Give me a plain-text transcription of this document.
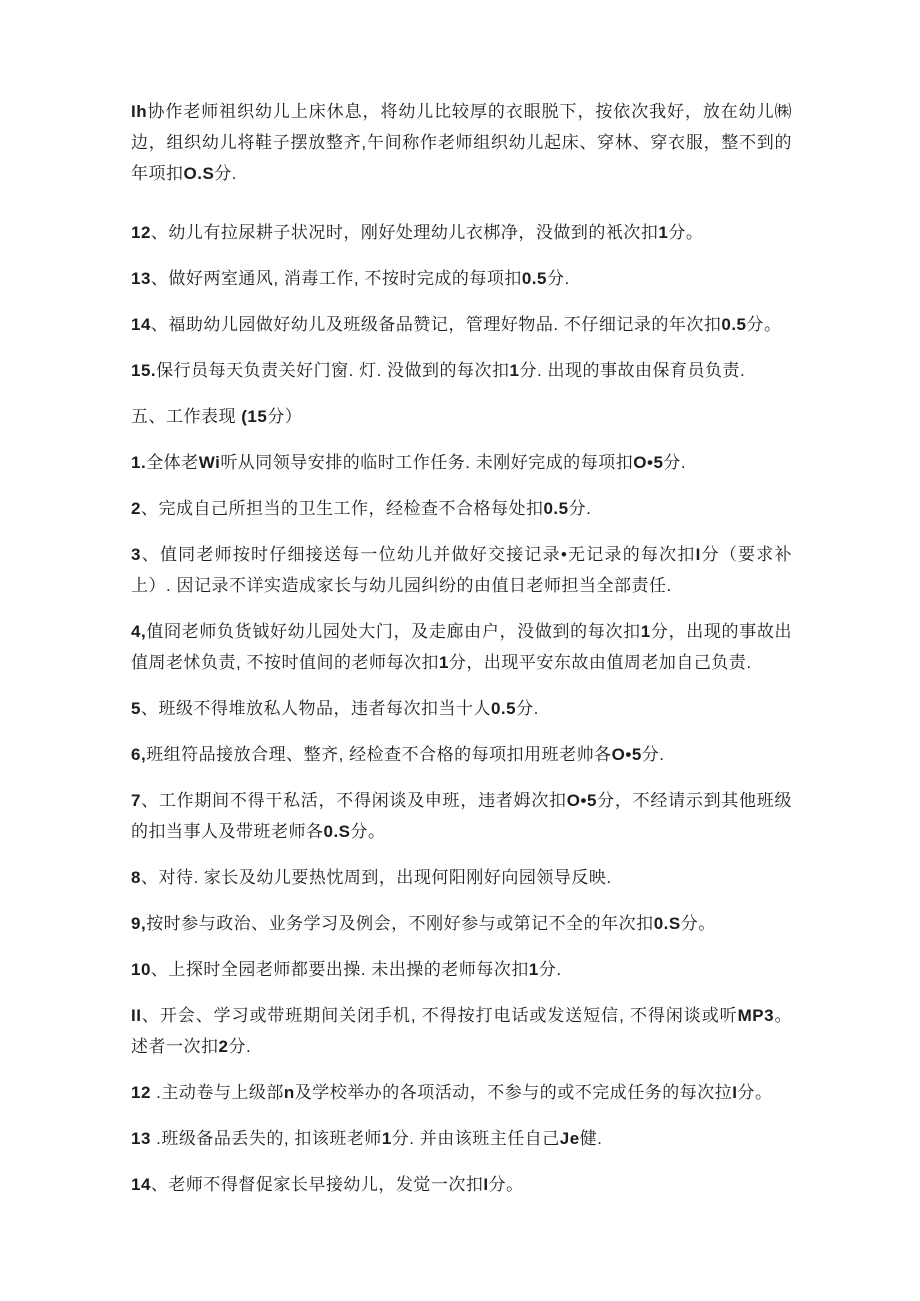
Ih协作老师祖织幼儿上床休息，将幼儿比较厚的衣眼脱下，按依次我好，放在幼儿㈱边，组织幼儿将鞋子摆放整齐,午间称作老师组织幼儿起床、穿林、穿衣服，整不到的年项扣O.S分.

12、幼儿有拉尿耕子状况时，刚好处理幼儿衣梆净，没做到的衹次扣1分。

13、做好两室通风, 消毒工作, 不按时完成的每项扣0.5分.

14、福助幼儿园做好幼儿及班级备品赞记，管理好物品. 不仔细记录的年次扣0.5分。

15.保行员每天负责关好门窗. 灯. 没做到的每次扣1分. 出现的事故由保育员负责.

五、工作表现 (15分）

1.全体老Wi听从同领导安排的临时工作任务. 未刚好完成的每项扣O•5分.

2、完成自己所担当的卫生工作，经检查不合格每处扣0.5分.

3、值同老师按时仔细接送每一位幼儿并做好交接记录•无记录的每次扣I分（要求补上）. 因记录不详实造成家长与幼儿园纠纷的由值日老师担当全部责任.

4,值冏老师负货钺好幼儿园处大门，及走廊由户，没做到的每次扣1分，出现的事故出值周老怵负责, 不按时值间的老师每次扣1分，出现平安东故由值周老加自己负责.

5、班级不得堆放私人物品，违者每次扣当十人0.5分.

6,班组符品接放合理、整齐, 经检查不合格的每项扣用班老帅各O•5分.

7、工作期间不得干私活，不得闲谈及申班，违者姆次扣O•5分，不经请示到其他班级的扣当事人及带班老师各0.S分。

8、对待. 家长及幼儿要热忱周到，出现何阳刚好向园领导反映.

9,按时参与政治、业务学习及例会，不刚好参与或第记不全的年次扣0.S分。

10、上探时全园老师都要出操. 未出操的老师每次扣1分.

II、开会、学习或带班期间关闭手机, 不得按打电话或发送短信, 不得闲谈或听MP3。述者一次扣2分.

12 .主动卷与上级部n及学校举办的各项活动，不参与的或不完成任务的每次拉I分。

13 .班级备品丢失的, 扣该班老师1分. 并由该班主任自己Je健.

14、老师不得督促家长早接幼儿，发觉一次扣I分。
